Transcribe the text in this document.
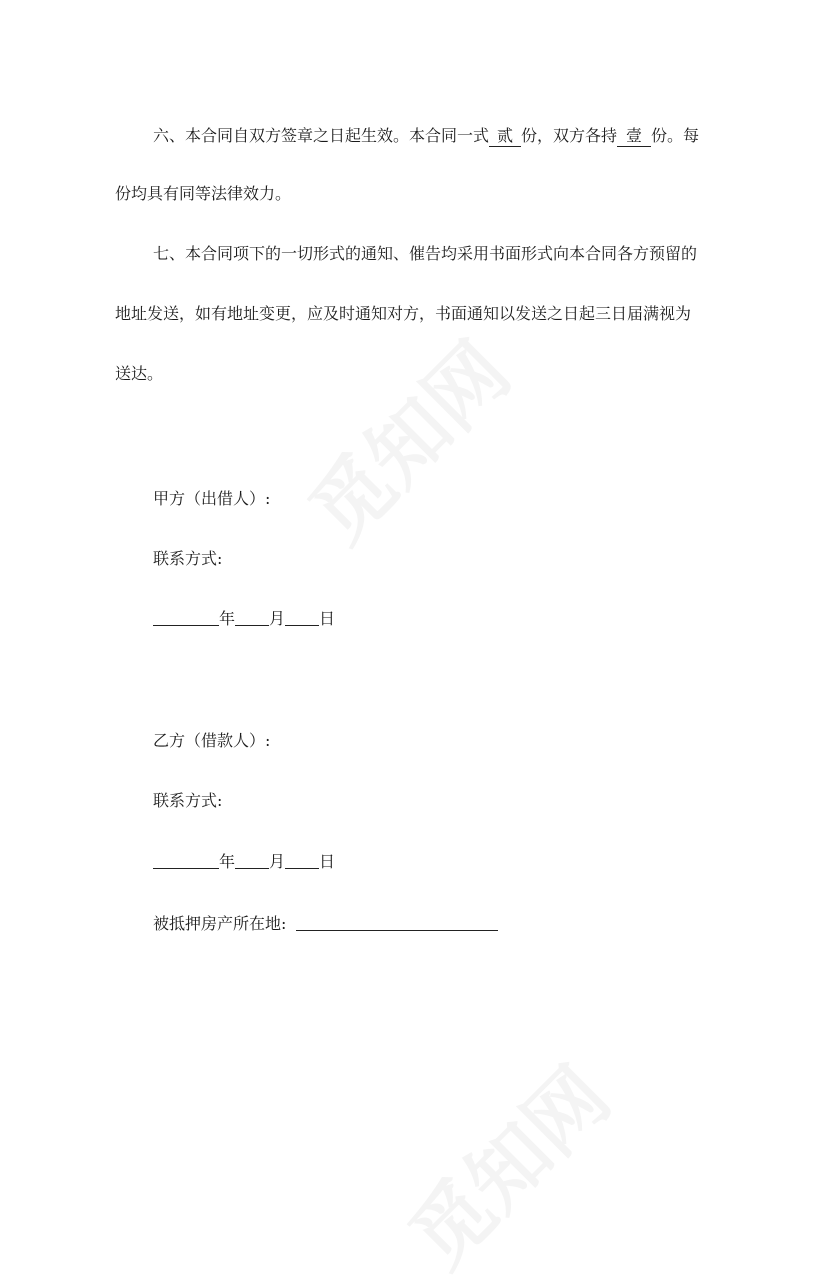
六、本合同自双方签章之日起生效。本合同一式 贰 份，双方各持 壹 份。每
份均具有同等法律效力。
七、本合同项下的一切形式的通知、催告均采用书面形式向本合同各方预留的
地址发送，如有地址变更，应及时通知对方，书面通知以发送之日起三日届满视为
送达。
甲方（出借人）:
联系方式:
年 月 日
乙方（借款人）:
联系方式:
年 月 日
被抵押房产所在地:
